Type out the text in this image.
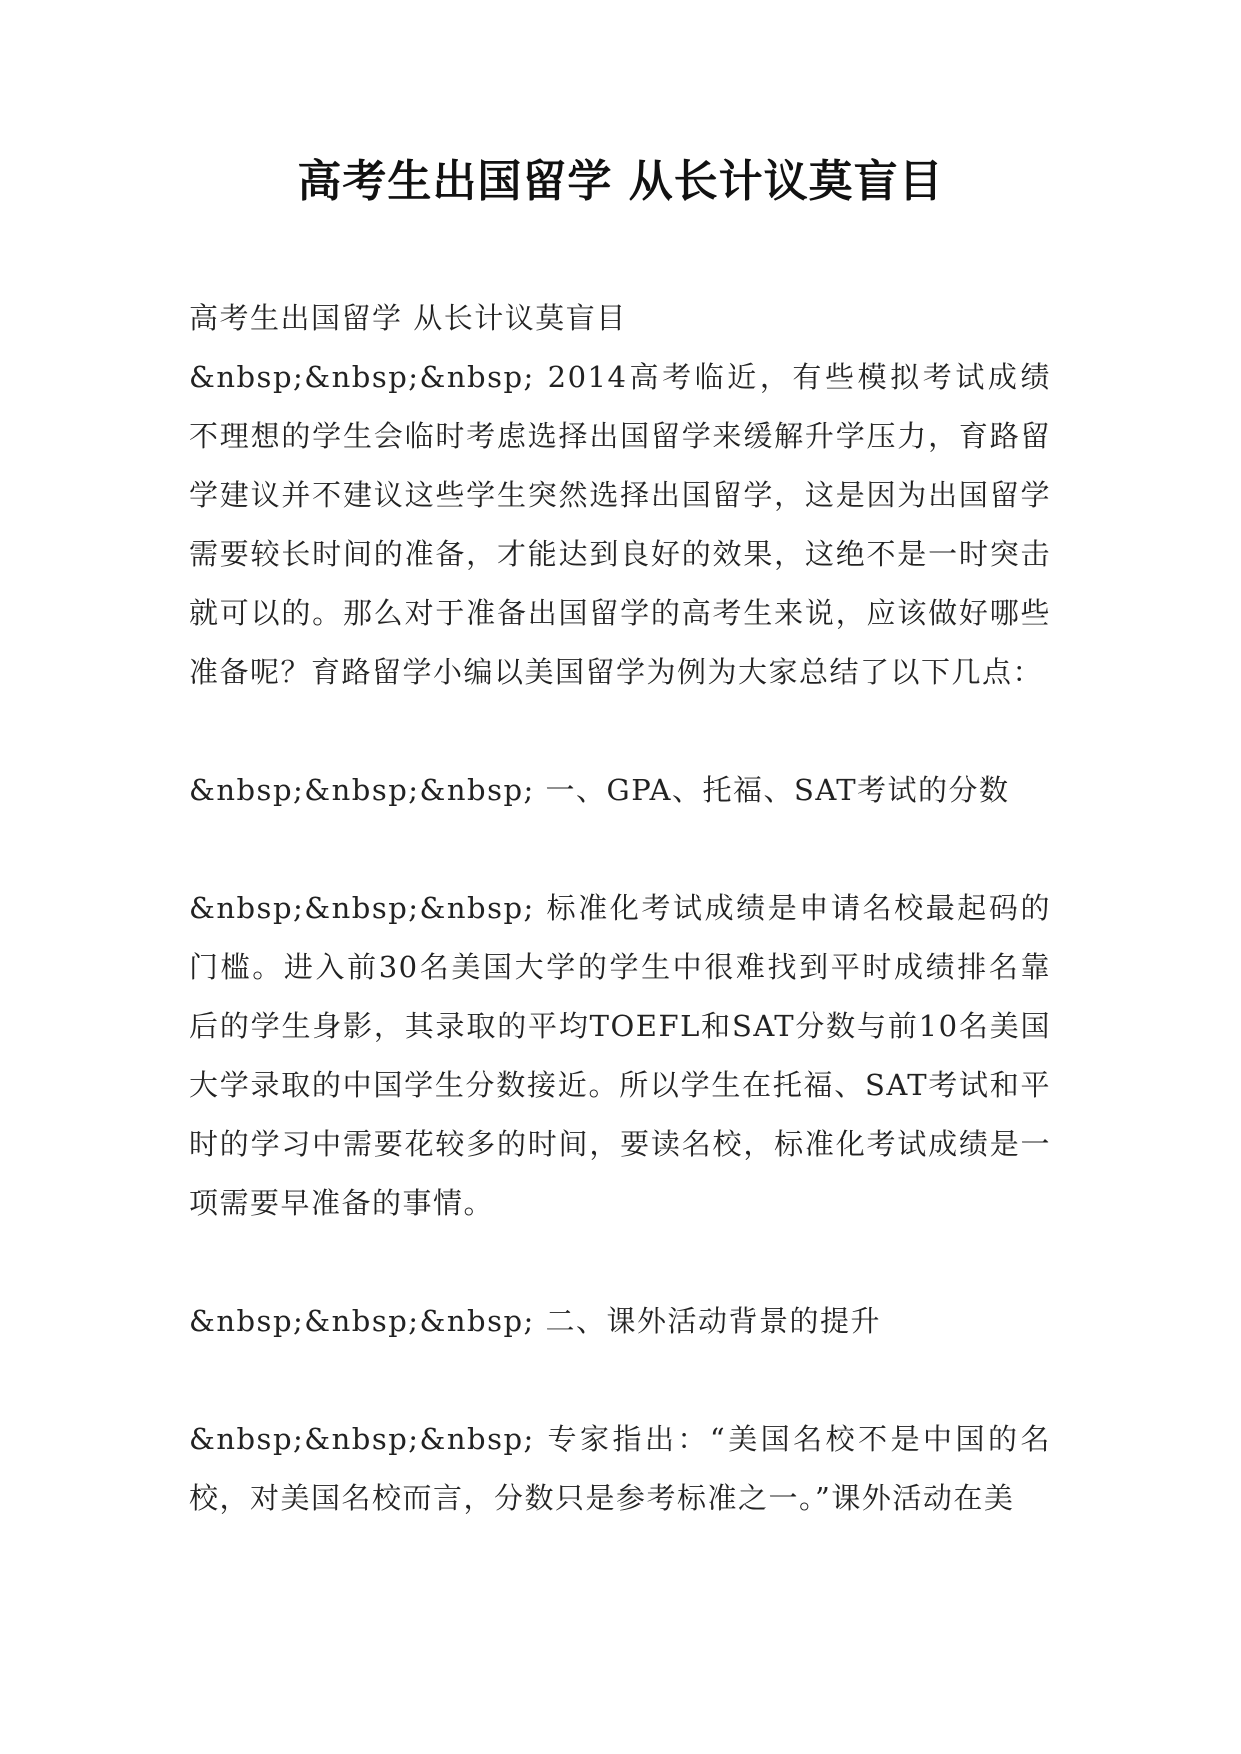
高考生出国留学 从长计议莫盲目

高考生出国留学 从长计议莫盲目

&nbsp;&nbsp;&nbsp; 2014高考临近，有些模拟考试成绩不理想的学生会临时考虑选择出国留学来缓解升学压力，育路留学建议并不建议这些学生突然选择出国留学，这是因为出国留学需要较长时间的准备，才能达到良好的效果，这绝不是一时突击就可以的。那么对于准备出国留学的高考生来说，应该做好哪些准备呢？育路留学小编以美国留学为例为大家总结了以下几点：

&nbsp;&nbsp;&nbsp; 一、GPA、托福、SAT考试的分数

&nbsp;&nbsp;&nbsp; 标准化考试成绩是申请名校最起码的门槛。进入前30名美国大学的学生中很难找到平时成绩排名靠后的学生身影，其录取的平均TOEFL和SAT分数与前10名美国大学录取的中国学生分数接近。所以学生在托福、SAT考试和平时的学习中需要花较多的时间，要读名校，标准化考试成绩是一项需要早准备的事情。

&nbsp;&nbsp;&nbsp; 二、课外活动背景的提升

&nbsp;&nbsp;&nbsp; 专家指出：“美国名校不是中国的名校，对美国名校而言，分数只是参考标准之一。”课外活动在美
